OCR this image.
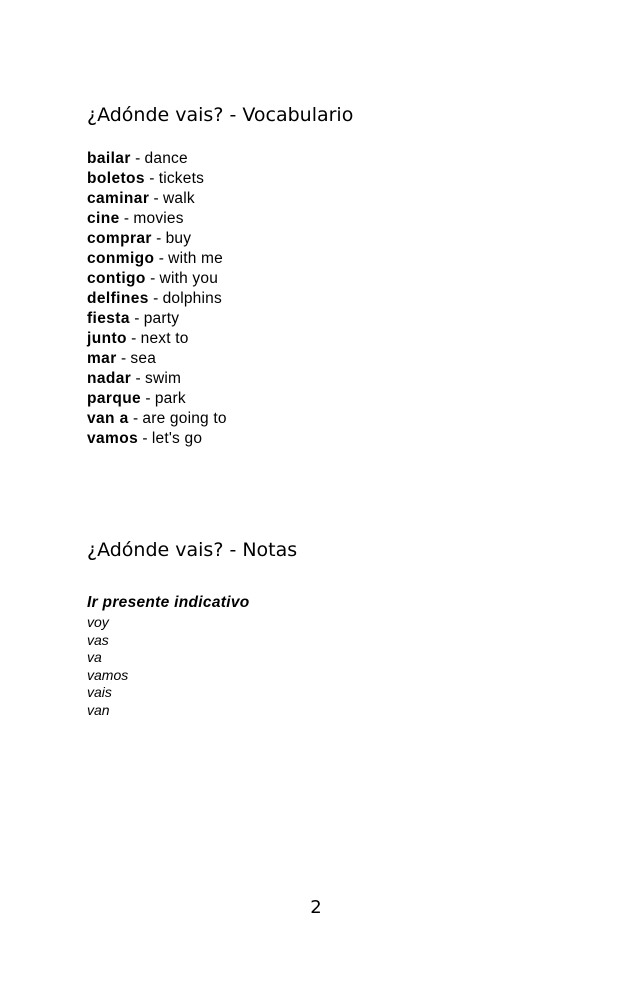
¿Adónde vais? - Vocabulario
bailar - dance
boletos - tickets
caminar - walk
cine - movies
comprar - buy
conmigo - with me
contigo - with you
delfines - dolphins
fiesta - party
junto - next to
mar - sea
nadar - swim
parque - park
van a - are going to
vamos - let's go
¿Adónde vais? - Notas
Ir presente indicativo
voy
vas
va
vamos
vais
van
2
